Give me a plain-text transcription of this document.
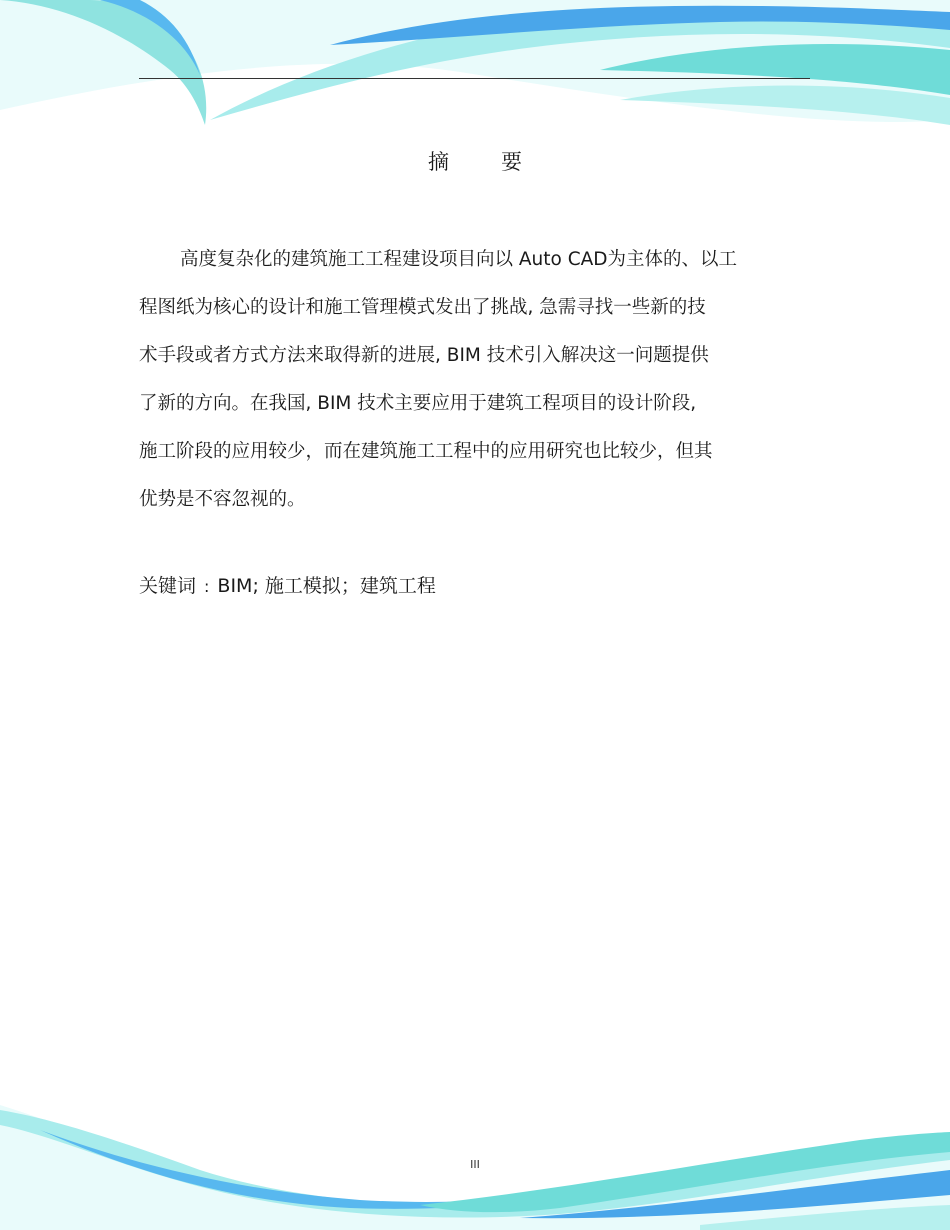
摘 要
高度复杂化的建筑施工工程建设项目向以 Auto CAD为主体的、以工
程图纸为核心的设计和施工管理模式发出了挑战, 急需寻找一些新的技
术手段或者方式方法来取得新的进展, BIM 技术引入解决这一问题提供
了新的方向。在我国, BIM 技术主要应用于建筑工程项目的设计阶段,
施工阶段的应用较少，而在建筑施工工程中的应用研究也比较少，但其
优势是不容忽视的。
关键词 : BIM; 施工模拟；建筑工程
III
